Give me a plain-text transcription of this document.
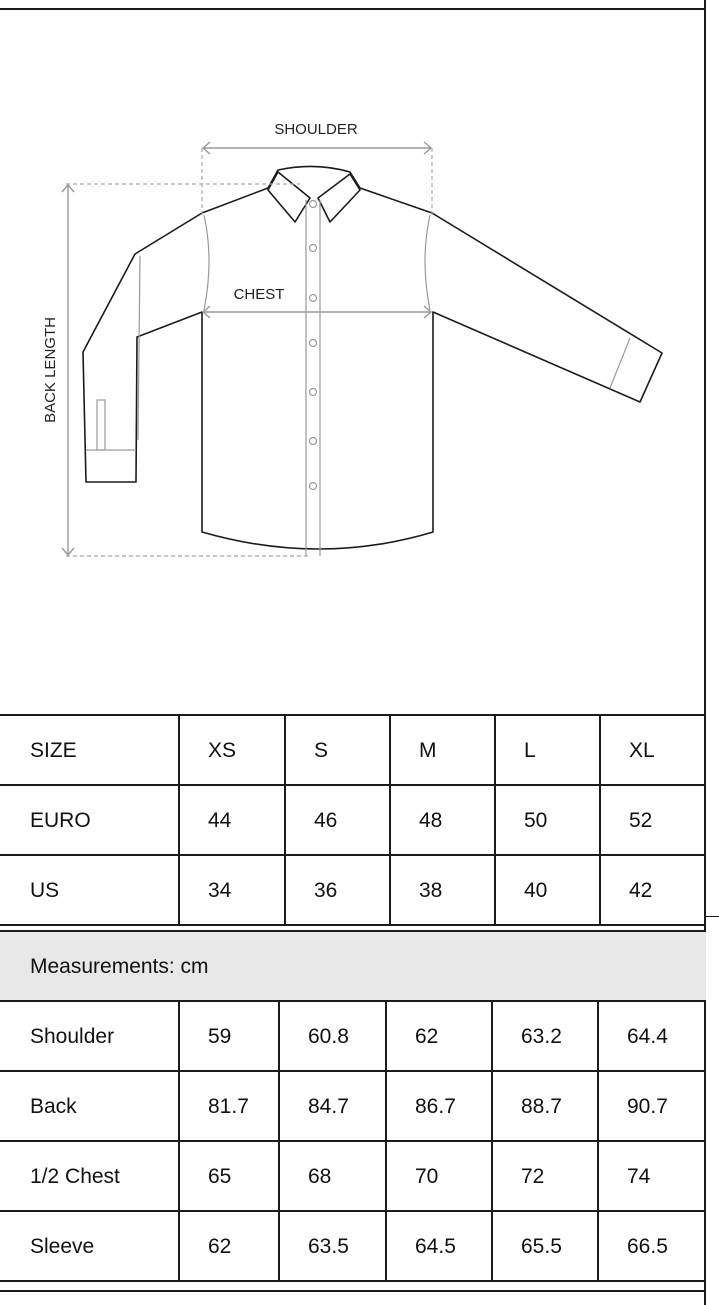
SHOULDER
CHEST
BACK LENGTH
SIZE	XS	S	M	L	XL
EURO	44	46	48	50	52
US	34	36	38	40	42
Measurements: cm					
Shoulder	59	60.8	62	63.2	64.4
Back	81.7	84.7	86.7	88.7	90.7
1/2 Chest	65	68	70	72	74
Sleeve	62	63.5	64.5	65.5	66.5
